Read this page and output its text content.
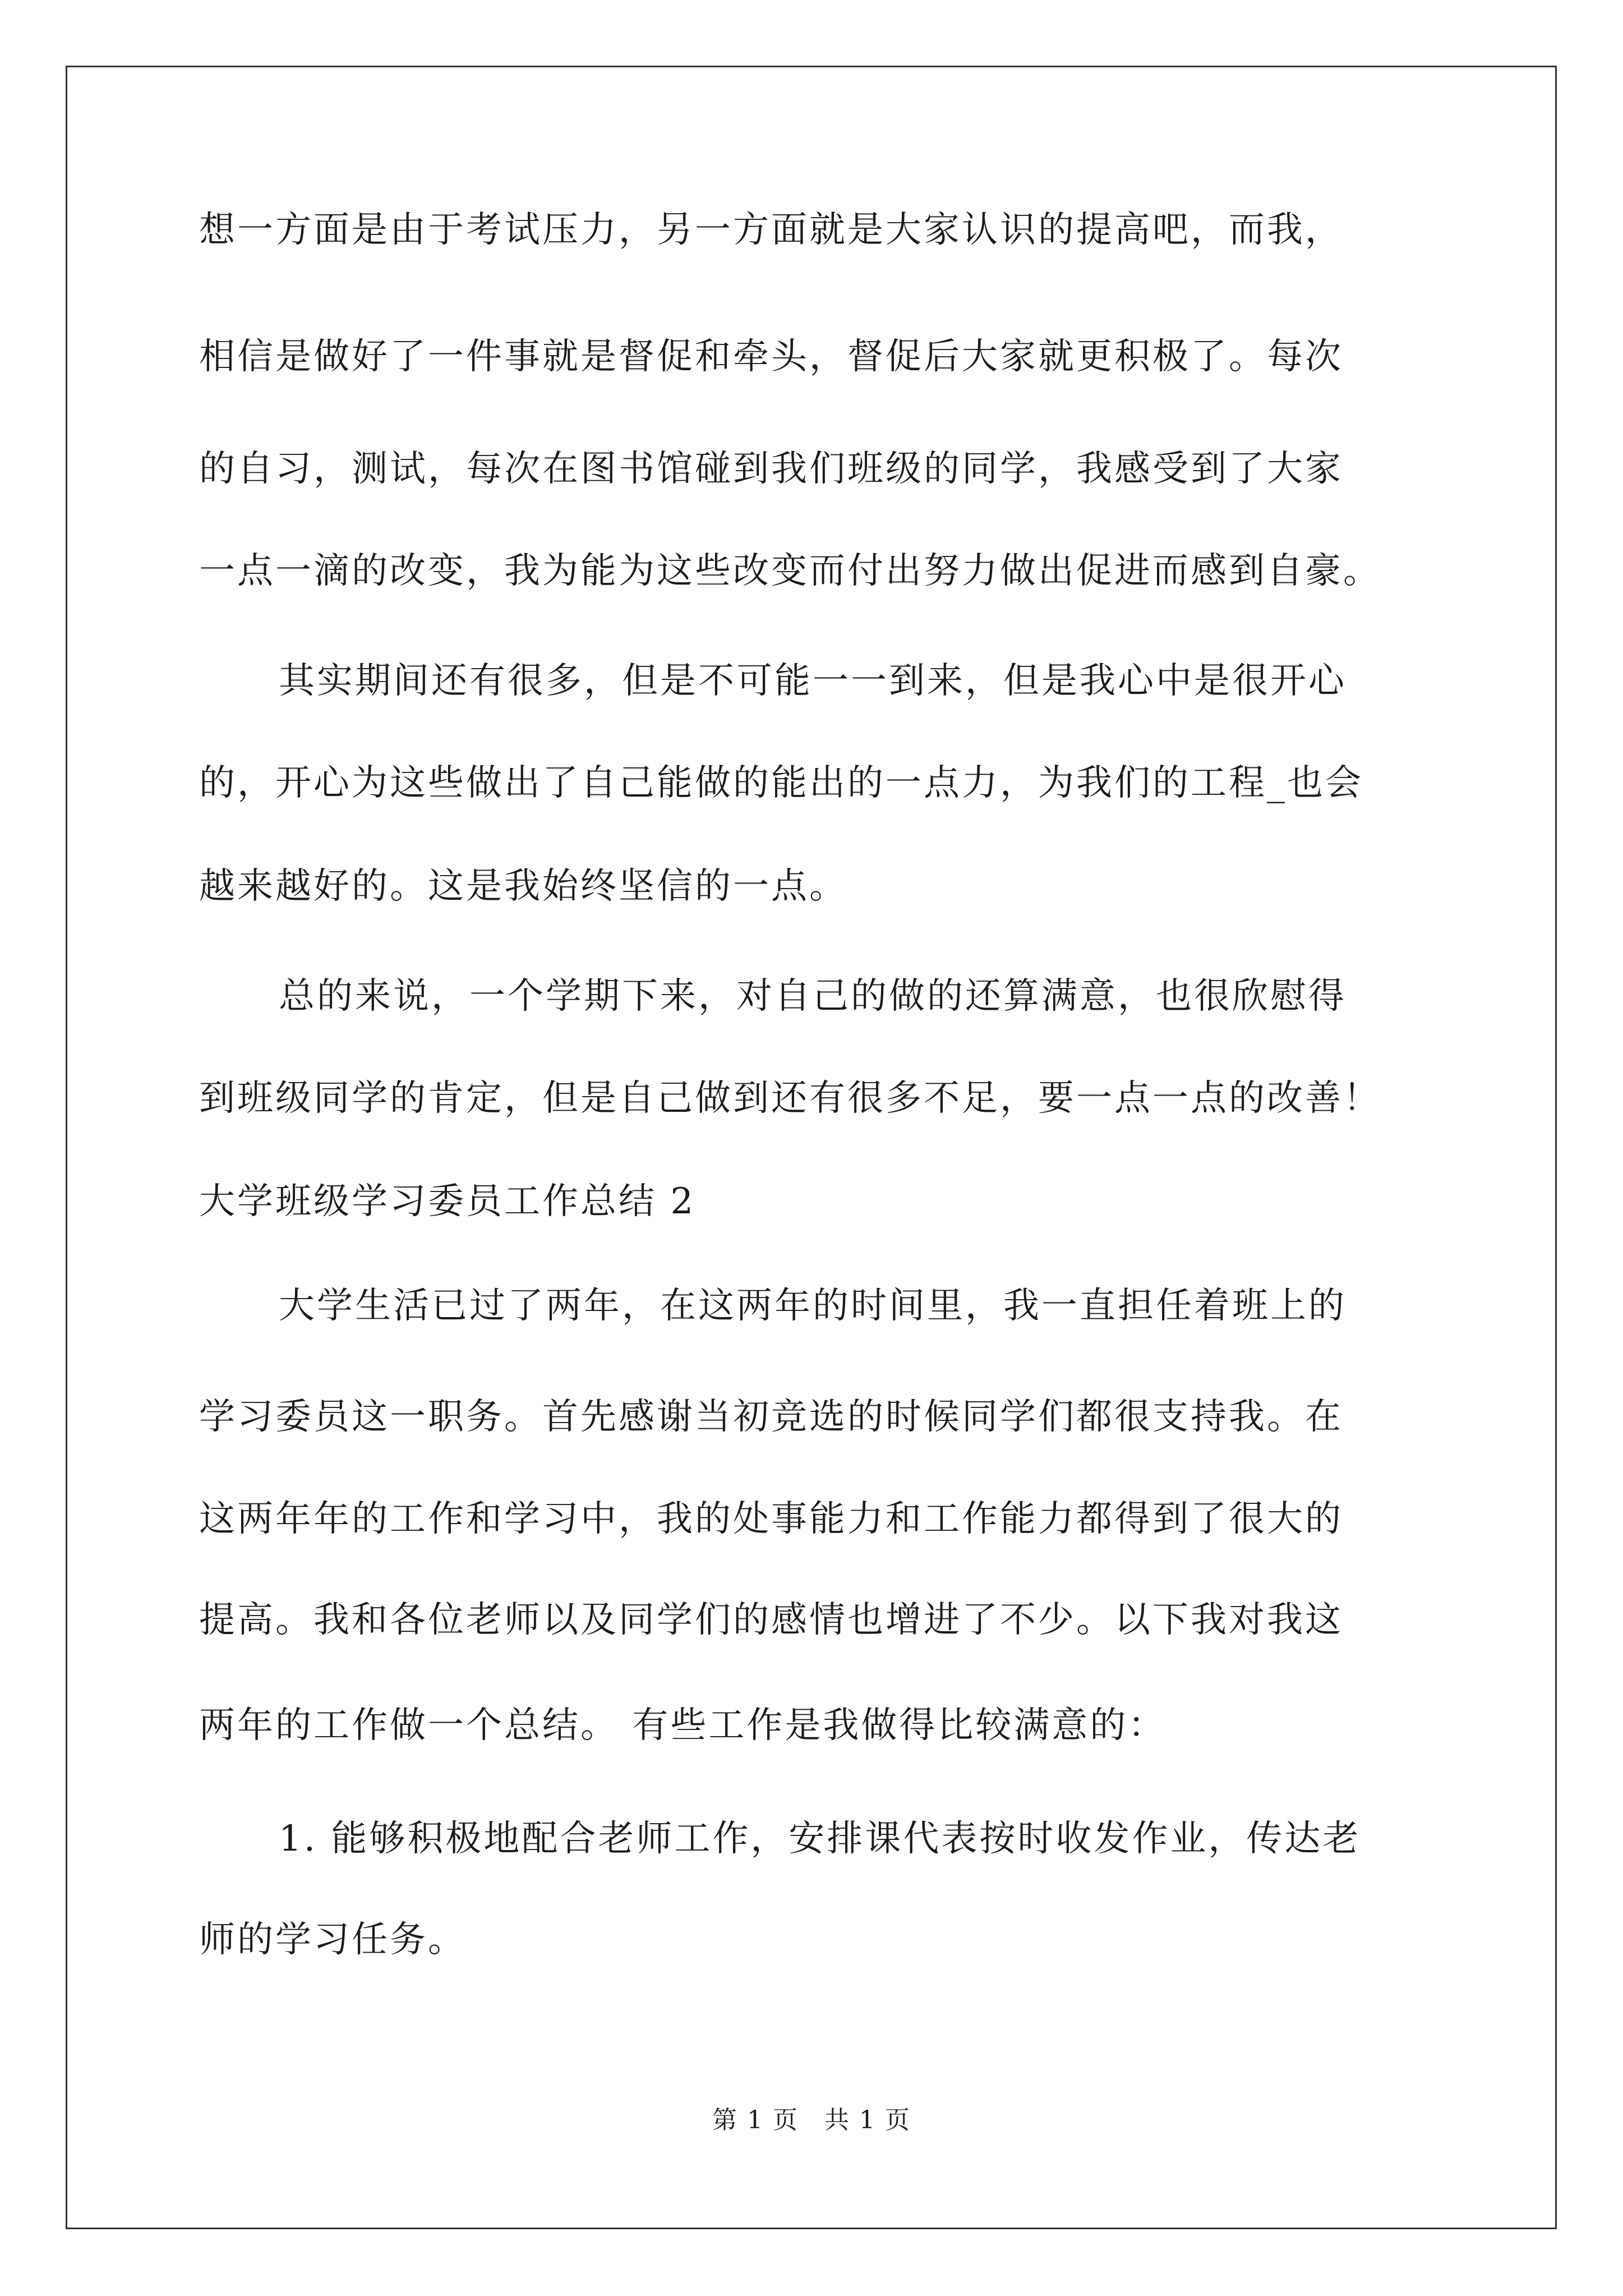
想一方面是由于考试压力，另一方面就是大家认识的提高吧，而我，
相信是做好了一件事就是督促和牵头，督促后大家就更积极了。每次
的自习，测试，每次在图书馆碰到我们班级的同学，我感受到了大家
一点一滴的改变，我为能为这些改变而付出努力做出促进而感到自豪。
其实期间还有很多，但是不可能一一到来，但是我心中是很开心
的，开心为这些做出了自己能做的能出的一点力，为我们的工程_也会
越来越好的。这是我始终坚信的一点。
总的来说，一个学期下来，对自己的做的还算满意，也很欣慰得
到班级同学的肯定，但是自己做到还有很多不足，要一点一点的改善！
大学班级学习委员工作总结 2
大学生活已过了两年，在这两年的时间里，我一直担任着班上的
学习委员这一职务。首先感谢当初竞选的时候同学们都很支持我。在
这两年年的工作和学习中，我的处事能力和工作能力都得到了很大的
提高。我和各位老师以及同学们的感情也增进了不少。以下我对我这
两年的工作做一个总结。 有些工作是我做得比较满意的：
1. 能够积极地配合老师工作，安排课代表按时收发作业，传达老
师的学习任务。
第 1 页　共 1 页
